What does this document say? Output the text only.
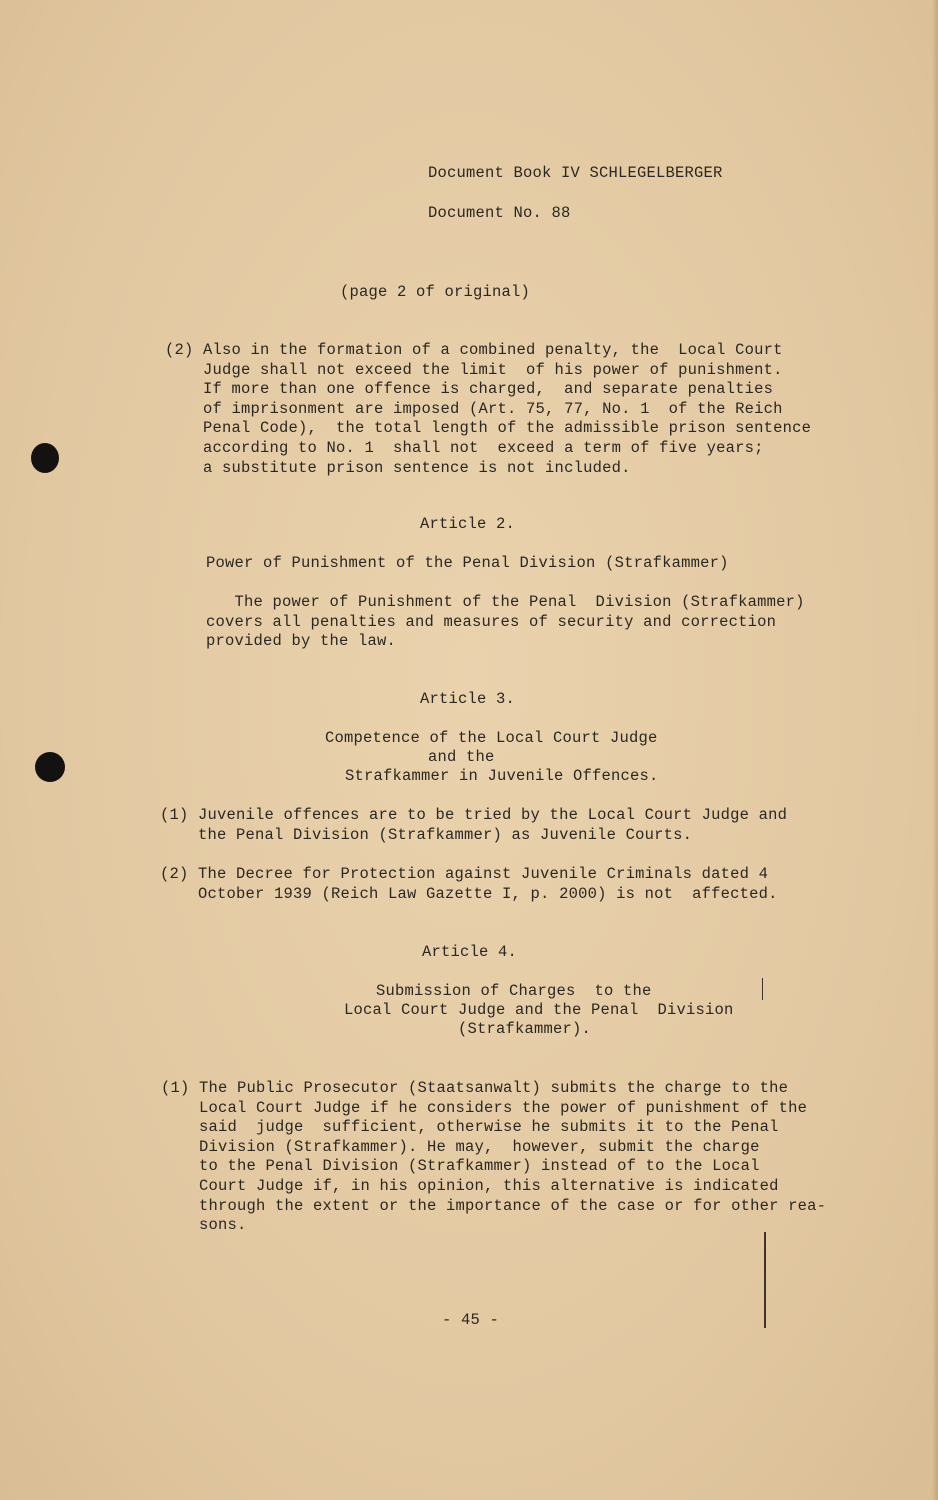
Document Book IV SCHLEGELBERGER
Document No. 88
(page 2 of original)
(2) Also in the formation of a combined penalty, the  Local Court
Judge shall not exceed the limit  of his power of punishment.
If more than one offence is charged,  and separate penalties
of imprisonment are imposed (Art. 75, 77, No. 1  of the Reich
Penal Code),  the total length of the admissible prison sentence
according to No. 1  shall not  exceed a term of five years;
a substitute prison sentence is not included.
Article 2.
Power of Punishment of the Penal Division (Strafkammer)
The power of Punishment of the Penal  Division (Strafkammer)
covers all penalties and measures of security and correction
provided by the law.
Article 3.
Competence of the Local Court Judge
and the
Strafkammer in Juvenile Offences.
(1) Juvenile offences are to be tried by the Local Court Judge and
the Penal Division (Strafkammer) as Juvenile Courts.
(2) The Decree for Protection against Juvenile Criminals dated 4
October 1939 (Reich Law Gazette I, p. 2000) is not  affected.
Article 4.
Submission of Charges  to the
Local Court Judge and the Penal  Division
(Strafkammer).
(1) The Public Prosecutor (Staatsanwalt) submits the charge to the
Local Court Judge if he considers the power of punishment of the
said  judge  sufficient, otherwise he submits it to the Penal
Division (Strafkammer). He may,  however, submit the charge
to the Penal Division (Strafkammer) instead of to the Local
Court Judge if, in his opinion, this alternative is indicated
through the extent or the importance of the case or for other rea-
sons.
- 45 -
